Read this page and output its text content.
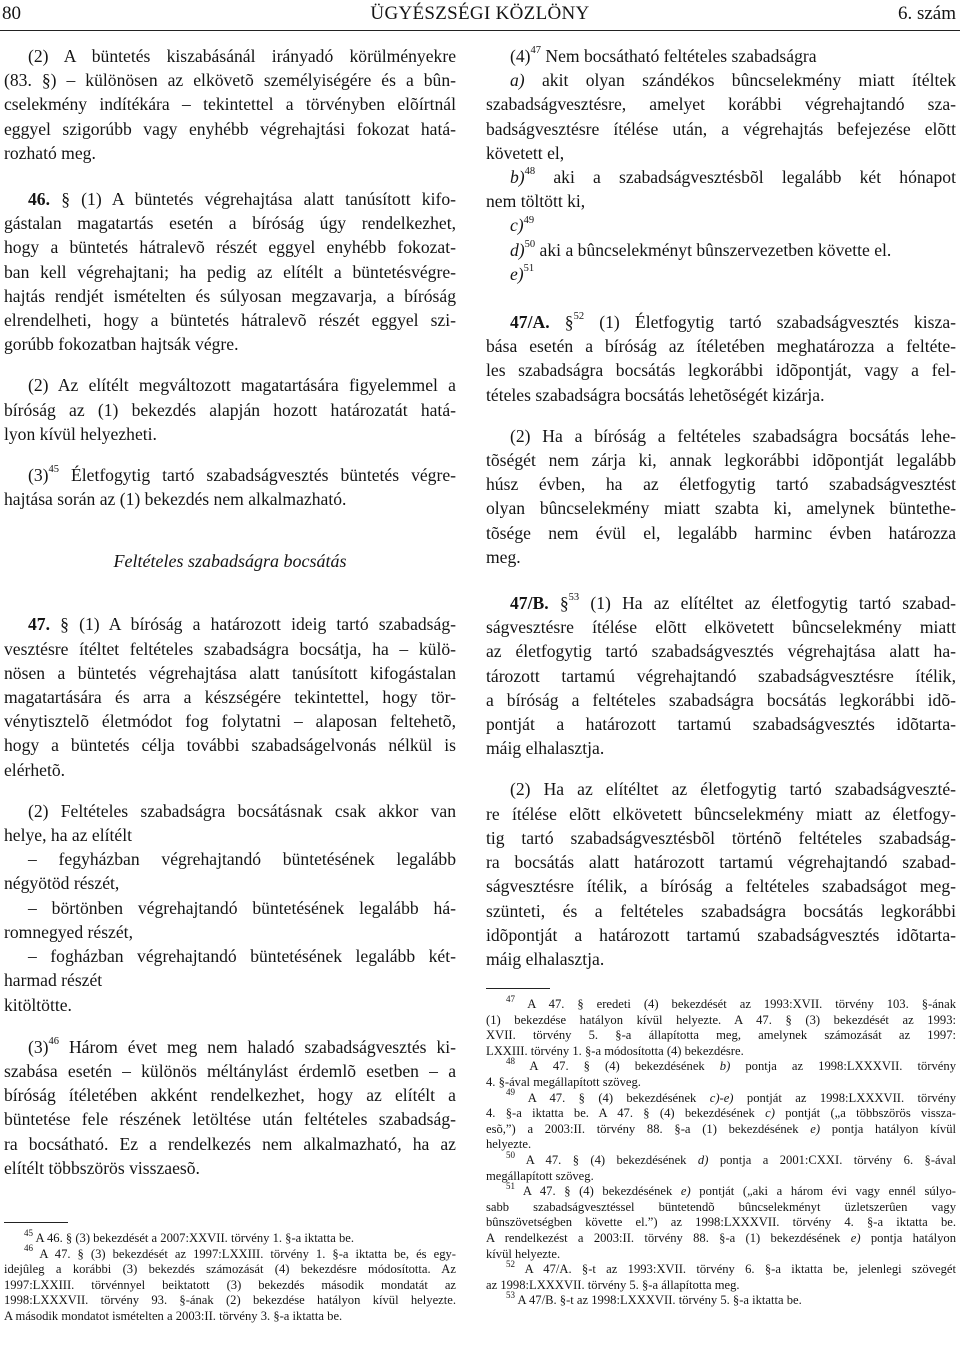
80	ÜGYÉSZSÉGI KÖZLÖNY	6. szám
(2) A büntetés kiszabásánál irányadó körülményekre
(83. §) – különösen az elkövetõ személyiségére és a bûn-
cselekmény indítékára – tekintettel a törvényben elõírtnál
eggyel szigorúbb vagy enyhébb végrehajtási fokozat hatá-
rozható meg.
46. § (1) A büntetés végrehajtása alatt tanúsított kifo-
gástalan magatartás esetén a bíróság úgy rendelkezhet,
hogy a büntetés hátralevõ részét eggyel enyhébb fokozat-
ban kell végrehajtani; ha pedig az elítélt a büntetésvégre-
hajtás rendjét ismételten és súlyosan megzavarja, a bíróság
elrendelheti, hogy a büntetés hátralevõ részét eggyel szi-
gorúbb fokozatban hajtsák végre.
(2) Az elítélt megváltozott magatartására figyelemmel a
bíróság az (1) bekezdés alapján hozott határozatát hatá-
lyon kívül helyezheti.
$(3)^{45}$ Életfogytig tartó szabadságvesztés büntetés végre-
hajtása során az (1) bekezdés nem alkalmazható.
Feltételes szabadságra bocsátás
47. § (1) A bíróság a határozott ideig tartó szabadság-
vesztésre ítéltet feltételes szabadságra bocsátja, ha – külö-
nösen a büntetés végrehajtása alatt tanúsított kifogástalan
magatartására és arra a készségére tekintettel, hogy tör-
vénytisztelõ életmódot fog folytatni – alaposan feltehetõ,
hogy a büntetés célja további szabadságelvonás nélkül is
elérhetõ.
(2) Feltételes szabadságra bocsátásnak csak akkor van
helye, ha az elítélt
– fegyházban végrehajtandó büntetésének legalább
négyötöd részét,
– börtönben végrehajtandó büntetésének legalább há-
romnegyed részét,
– fogházban végrehajtandó büntetésének legalább két-
harmad részét
kitöltötte.
$(3)^{46}$ Három évet meg nem haladó szabadságvesztés ki-
szabása esetén – különös méltánylást érdemlõ esetben – a
bíróság ítéletében akként rendelkezhet, hogy az elítélt a
büntetése fele részének letöltése után feltételes szabadság-
ra bocsátható. Ez a rendelkezés nem alkalmazható, ha az
elítélt többszörös visszaesõ.

$^{45}$ A 46. § (3) bekezdését a 2007:XXVII. törvény 1. §-a iktatta be.

$^{46}$ A 47. § (3) bekezdését az 1997:LXXIII. törvény 1. §-a iktatta be, és egy-
idejûleg a korábbi (3) bekezdés számozását (4) bekezdésre módosította. Az
1997:LXXIII. törvénnyel beiktatott (3) bekezdés második mondatát az
1998:LXXXVII. törvény 93. §-ának (2) bekezdése hatályon kívül helyezte.
A második mondatot ismételten a 2003:II. törvény 3. §-a iktatta be.

$(4)^{47}$ Nem bocsátható feltételes szabadságra
a) akit olyan szándékos bûncselekmény miatt ítéltek
szabadságvesztésre, amelyet korábbi végrehajtandó sza-
badságvesztésre ítélése után, a végrehajtás befejezése elõtt
követett el,
b)$^{48}$ aki a szabadságvesztésbõl legalább két hónapot
nem töltött ki,
c)$^{49}$
d)$^{50}$ aki a bûncselekményt bûnszervezetben követte el.
e)$^{51}$
47/A. §$^{52}$ (1) Életfogytig tartó szabadságvesztés kisza-
bása esetén a bíróság az ítéletében meghatározza a feltéte-
les szabadságra bocsátás legkorábbi idõpontját, vagy a fel-
tételes szabadságra bocsátás lehetõségét kizárja.
(2) Ha a bíróság a feltételes szabadságra bocsátás lehe-
tõségét nem zárja ki, annak legkorábbi idõpontját legalább
húsz évben, ha az életfogytig tartó szabadságvesztést
olyan bûncselekmény miatt szabta ki, amelynek büntethe-
tõsége nem évül el, legalább harminc évben határozza
meg.
47/B. §$^{53}$ (1) Ha az elítéltet az életfogytig tartó szabad-
ságvesztésre ítélése elõtt elkövetett bûncselekmény miatt
az életfogytig tartó szabadságvesztés végrehajtása alatt ha-
tározott tartamú végrehajtandó szabadságvesztésre ítélik,
a bíróság a feltételes szabadságra bocsátás legkorábbi idõ-
pontját a határozott tartamú szabadságvesztés idõtarta-
máig elhalasztja.
(2) Ha az elítéltet az életfogytig tartó szabadságveszté-
re ítélése elõtt elkövetett bûncselekmény miatt az életfogy-
tig tartó szabadságvesztésbõl történõ feltételes szabadság-
ra bocsátás alatt határozott tartamú végrehajtandó szabad-
ságvesztésre ítélik, a bíróság a feltételes szabadságot meg-
szünteti, és a feltételes szabadságra bocsátás legkorábbi
idõpontját a határozott tartamú szabadságvesztés idõtarta-
máig elhalasztja.

$^{47}$ A 47. § eredeti (4) bekezdését az 1993:XVII. törvény 103. §-ának
(1) bekezdése hatályon kívül helyezte. A 47. § (3) bekezdését az 1993:
XVII. törvény 5. §-a állapította meg, amelynek számozását az 1997:
LXXIII. törvény 1. §-a módosította (4) bekezdésre.

$^{48}$ A 47. § (4) bekezdésének b) pontja az 1998:LXXXVII. törvény
4. §-ával megállapított szöveg.

$^{49}$ A 47. § (4) bekezdésének c)-e) pontját az 1998:LXXXVII. törvény
4. §-a iktatta be. A 47. § (4) bekezdésének c) pontját („a többszörös vissza-
esõ,”) a 2003:II. törvény 88. §-a (1) bekezdésének e) pontja hatályon kívül
helyezte.

$^{50}$ A 47. § (4) bekezdésének d) pontja a 2001:CXXI. törvény 6. §-ával
megállapított szöveg.

$^{51}$ A 47. § (4) bekezdésének e) pontját („aki a három évi vagy ennél súlyo-
sabb szabadságvesztéssel büntetendõ bûncselekményt üzletszerûen vagy
bûnszövetségben követte el.”) az 1998:LXXXVII. törvény 4. §-a iktatta be.
A rendelkezést a 2003:II. törvény 88. §-a (1) bekezdésének e) pontja hatályon
kívül helyezte.

$^{52}$ A 47/A. §-t az 1993:XVII. törvény 6. §-a iktatta be, jelenlegi szövegét
az 1998:LXXXVII. törvény 5. §-a állapította meg.

$^{53}$ A 47/B. §-t az 1998:LXXXVII. törvény 5. §-a iktatta be.
